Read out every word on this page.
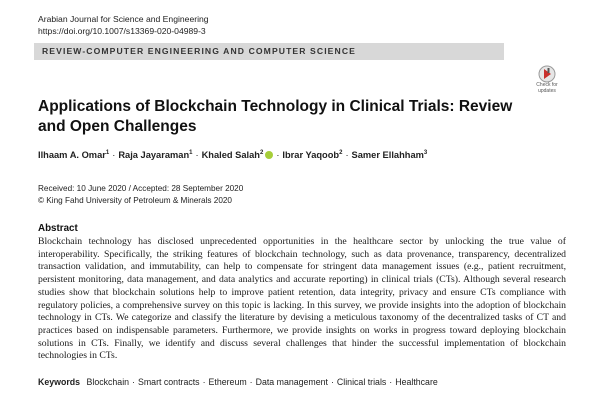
Arabian Journal for Science and Engineering
https://doi.org/10.1007/s13369-020-04989-3
REVIEW-COMPUTER ENGINEERING AND COMPUTER SCIENCE
Check for
updates
Applications of Blockchain Technology in Clinical Trials: Review and Open Challenges
Ilhaam A. Omar$^1$ · Raja Jayaraman$^1$ · Khaled Salah$^2$ · Ibrar Yaqoob$^2$ · Samer Ellahham$^3$
Received: 10 June 2020 / Accepted: 28 September 2020
© King Fahd University of Petroleum & Minerals 2020
Abstract

Blockchain technology has disclosed unprecedented opportunities in the healthcare sector by unlocking the true value of interoperability. Specifically, the striking features of blockchain technology, such as data provenance, transparency, decentralized transaction validation, and immutability, can help to compensate for stringent data management issues (e.g., patient recruitment, persistent monitoring, data management, and data analytics and accurate reporting) in clinical trials (CTs). Although several research studies show that blockchain solutions help to improve patient retention, data integrity, privacy and ensure CTs compliance with regulatory policies, a comprehensive survey on this topic is lacking. In this survey, we provide insights into the adoption of blockchain technology in CTs. We categorize and classify the literature by devising a meticulous taxonomy of the decentralized tasks of CT and practices based on indispensable parameters. Furthermore, we provide insights on works in progress toward deploying blockchain solutions in CTs. Finally, we identify and discuss several challenges that hinder the successful implementation of blockchain technologies in CTs.

Keywords Blockchain · Smart contracts · Ethereum · Data management · Clinical trials · Healthcare
